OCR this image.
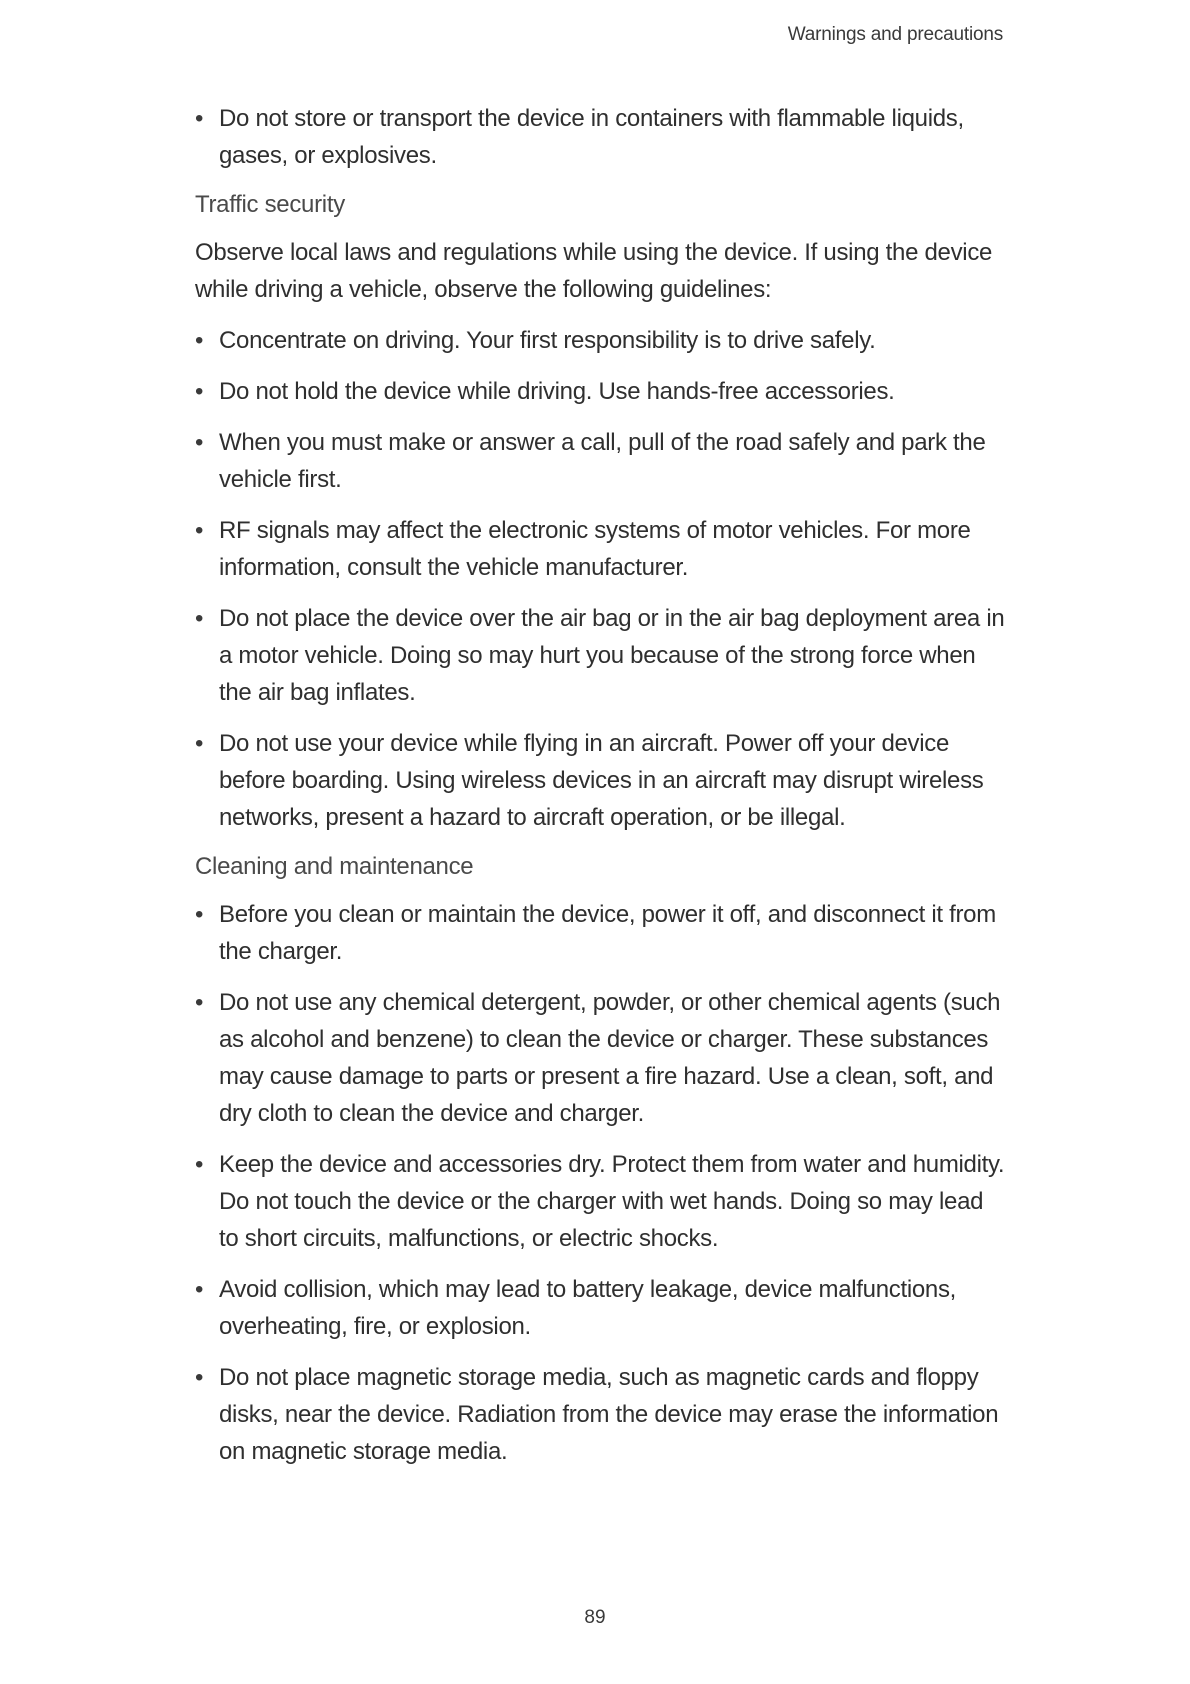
Warnings and precautions
• Do not store or transport the device in containers with flammable liquids, gases, or explosives.
Traffic security

Observe local laws and regulations while using the device. If using the device while driving a vehicle, observe the following guidelines:

• Concentrate on driving. Your first responsibility is to drive safely.
• Do not hold the device while driving. Use hands-free accessories.
• When you must make or answer a call, pull of the road safely and park the vehicle first.
• RF signals may affect the electronic systems of motor vehicles. For more information, consult the vehicle manufacturer.
• Do not place the device over the air bag or in the air bag deployment area in a motor vehicle. Doing so may hurt you because of the strong force when the air bag inflates.
• Do not use your device while flying in an aircraft. Power off your device before boarding. Using wireless devices in an aircraft may disrupt wireless networks, present a hazard to aircraft operation, or be illegal.
Cleaning and maintenance
• Before you clean or maintain the device, power it off, and disconnect it from the charger.
• Do not use any chemical detergent, powder, or other chemical agents (such as alcohol and benzene) to clean the device or charger. These substances may cause damage to parts or present a fire hazard. Use a clean, soft, and dry cloth to clean the device and charger.
• Keep the device and accessories dry. Protect them from water and humidity. Do not touch the device or the charger with wet hands. Doing so may lead to short circuits, malfunctions, or electric shocks.
• Avoid collision, which may lead to battery leakage, device malfunctions, overheating, fire, or explosion.
• Do not place magnetic storage media, such as magnetic cards and floppy disks, near the device. Radiation from the device may erase the information on magnetic storage media.
89
